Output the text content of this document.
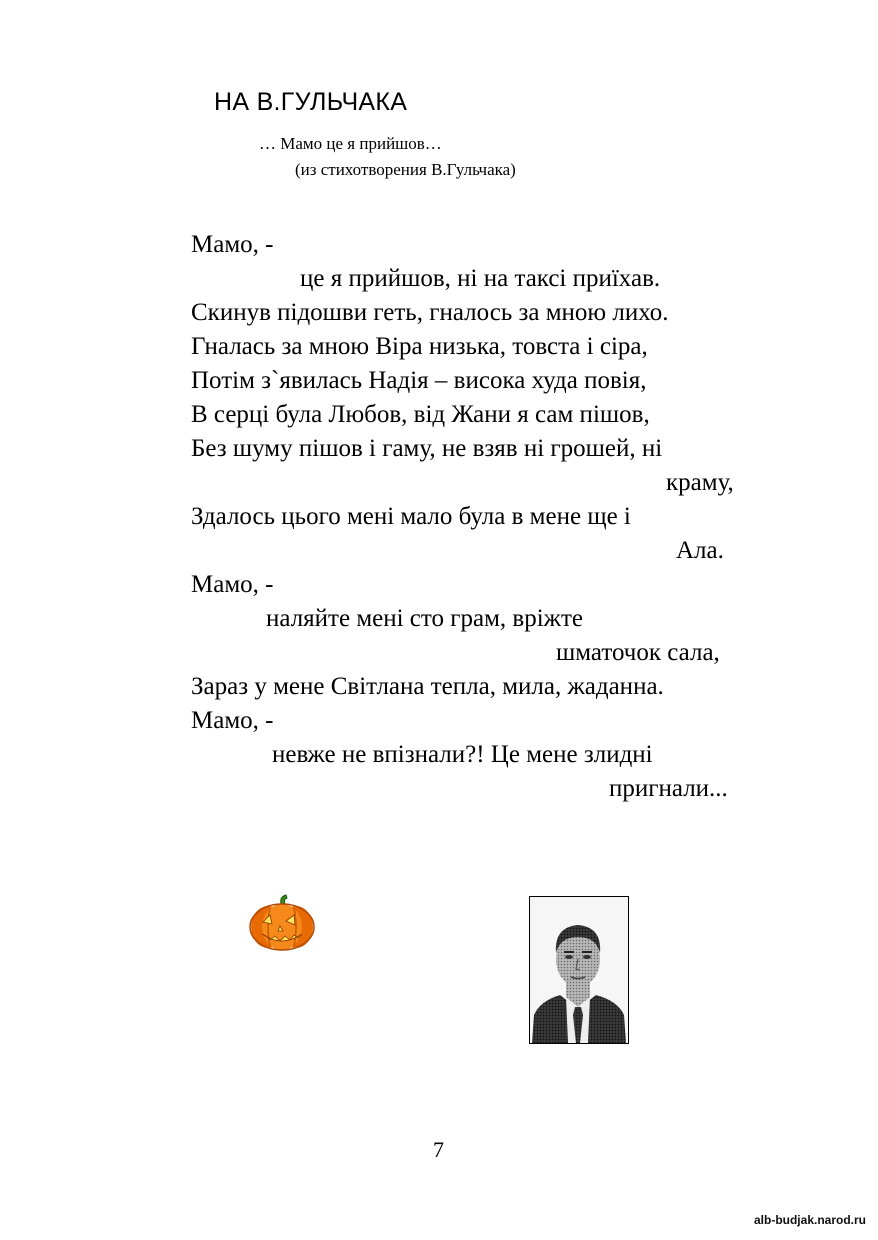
НА В.ГУЛЬЧАКА
… Мамо це я прийшов…
(из стихотворения В.Гульчака)
Мамо, -
це я прийшов, ні на таксі приїхав.
Скинув підошви геть, гналось за мною лихо.
Гналась за мною Віра низька, товста і сіра,
Потім з`явилась Надія – висока худа повія,
В серці була Любов, від Жани я сам пішов,
Без шуму пішов і гаму, не взяв ні грошей, ні
краму,
Здалось цього мені мало була в мене ще і
Ала.
Мамо, -
наляйте мені сто грам, вріжте
шматочок сала,
Зараз у мене Світлана тепла, мила, жаданна.
Мамо, -
невже не впізнали?! Це мене злидні
пригнали...
7
alb-budjak.narod.ru
